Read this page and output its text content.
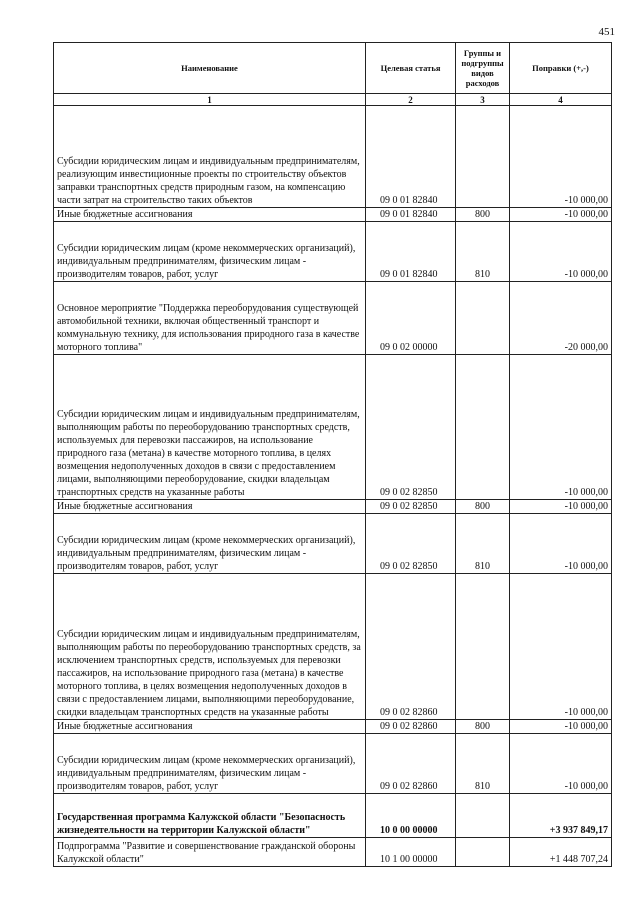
451
Наименование	Целевая статья	Группы и подгруппы видов расходов	Поправки (+,-)
1	2	3	4
Субсидии юридическим лицам и индивидуальным предпринимателям, реализующим инвестиционные проекты по строительству объектов заправки транспортных средств природным газом, на компенсацию части затрат на строительство таких объектов	09 0 01 82840		-10 000,00
Иные бюджетные ассигнования	09 0 01 82840	800	-10 000,00
Субсидии юридическим лицам (кроме некоммерческих организаций), индивидуальным предпринимателям, физическим лицам - производителям товаров, работ, услуг	09 0 01 82840	810	-10 000,00
Основное мероприятие "Поддержка переоборудования существующей автомобильной техники, включая общественный транспорт и коммунальную технику, для использования природного газа в качестве моторного топлива"	09 0 02 00000		-20 000,00
Субсидии юридическим лицам и индивидуальным предпринимателям, выполняющим работы по переоборудованию транспортных средств, используемых для перевозки пассажиров, на использование природного газа (метана) в качестве моторного топлива, в целях возмещения недополученных доходов в связи с предоставлением лицами, выполняющими переоборудование, скидки владельцам транспортных средств на указанные работы	09 0 02 82850		-10 000,00
Иные бюджетные ассигнования	09 0 02 82850	800	-10 000,00
Субсидии юридическим лицам (кроме некоммерческих организаций), индивидуальным предпринимателям, физическим лицам - производителям товаров, работ, услуг	09 0 02 82850	810	-10 000,00
Субсидии юридическим лицам и индивидуальным предпринимателям, выполняющим работы по переоборудованию транспортных средств, за исключением транспортных средств, используемых для перевозки пассажиров, на использование природного газа (метана) в качестве моторного топлива, в целях возмещения недополученных доходов в связи с предоставлением лицами, выполняющими переоборудование, скидки владельцам транспортных средств на указанные работы	09 0 02 82860		-10 000,00
Иные бюджетные ассигнования	09 0 02 82860	800	-10 000,00
Субсидии юридическим лицам (кроме некоммерческих организаций), индивидуальным предпринимателям, физическим лицам - производителям товаров, работ, услуг	09 0 02 82860	810	-10 000,00
Государственная программа Калужской области "Безопасность жизнедеятельности на территории Калужской области"	10 0 00 00000		+3 937 849,17
Подпрограмма "Развитие и совершенствование гражданской обороны Калужской области"	10 1 00 00000		+1 448 707,24
